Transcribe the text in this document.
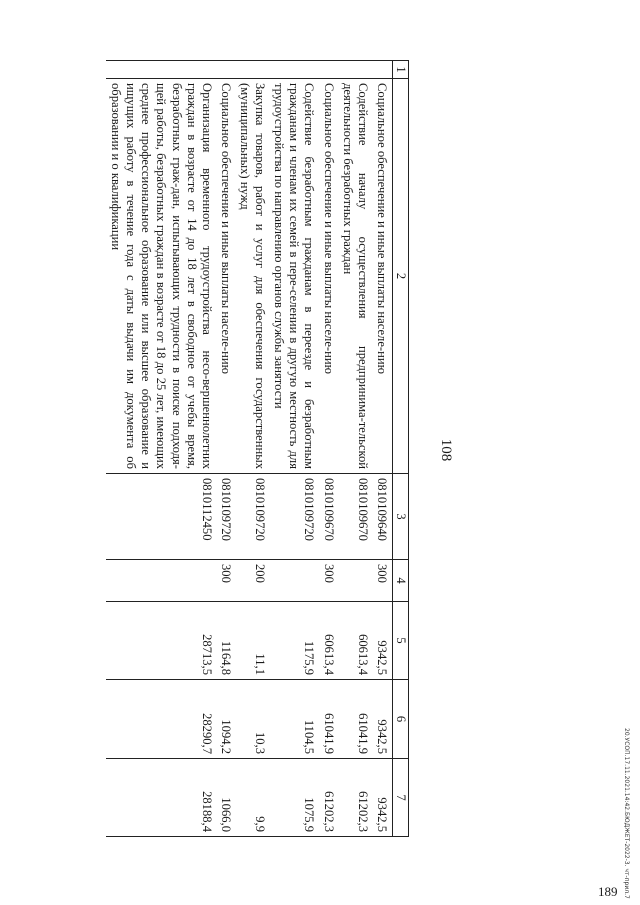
108
1	2	3	4	5	6	7
	Социальное обеспечение и иные выплаты населе-нию	0810109640	300	9342,5	9342,5	9342,5
	Содействие началу осуществления предпринима-тельской деятельности безработных граждан	0810109670		60613,4	61041,9	61202,3
	Социальное обеспечение и иные выплаты населе-нию	0810109670	300	60613,4	61041,9	61202,3
	Содействие безработным гражданам в переезде и безработным гражданам и членам их семей в пере-селении в другую местность для трудоустройства по направлению органов службы занятости	0810109720		1175,9	1104,5	1075,9
	Закупка товаров, работ и услуг для обеспечения государственных (муниципальных) нужд	0810109720	200	11,1	10,3	9,9
	Социальное обеспечение и иные выплаты населе-нию	0810109720	300	1164,8	1094,2	1066,0
	Организация временного трудоустройства несо-вершеннолетних граждан в возрасте от 14 до 18 лет в свободное от учебы время, безработных граж-дан, испытывающих трудности в поиске подходя-щей работы, безработных граждан в возрасте от 18 до 25 лет, имеющих среднее профессиональное образование или высшее образование и ищущих работу в течение года с даты выдачи им документа об образовании и о квалификации	0810112450		28713,5	28290,7	28188,4	20.УСОП.17.11.2021.14:42.БЮДЖЕТ-2022-3. чт-прил.7
189
